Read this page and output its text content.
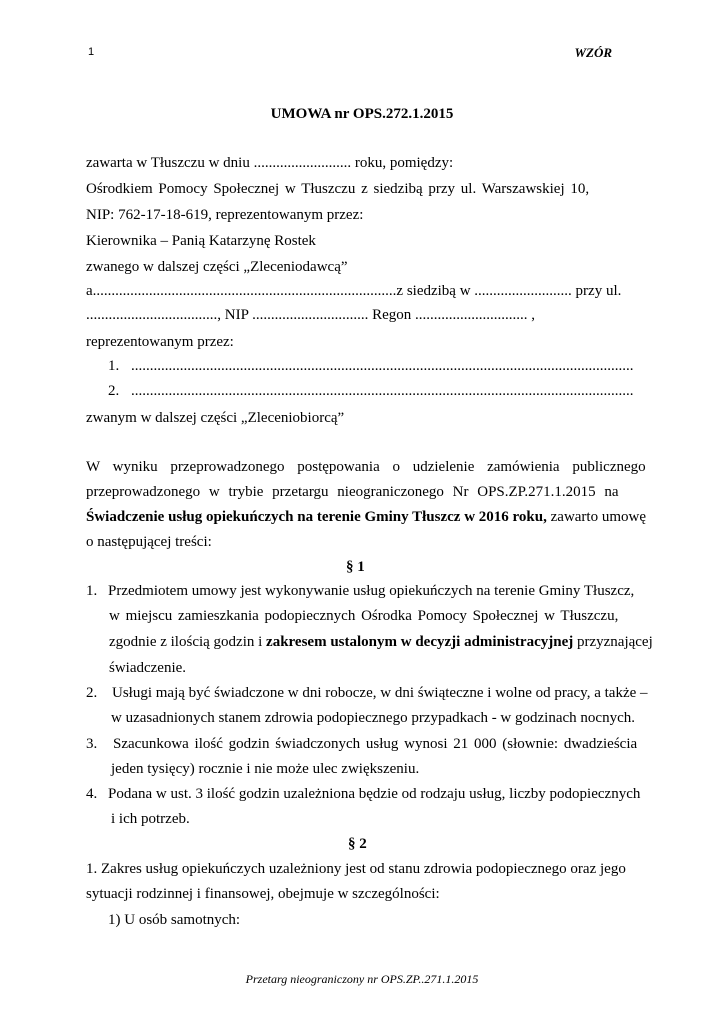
1	WZÓR
UMOWA nr OPS.272.1.2015
zawarta w Tłuszczu w dniu .......................... roku, pomiędzy:
Ośrodkiem Pomocy Społecznej w Tłuszczu z siedzibą przy ul. Warszawskiej 10,
NIP: 762-17-18-619, reprezentowanym przez:
Kierownika – Panią Katarzynę Rostek
zwanego w dalszej części „Zleceniodawcą”
a.................................................................................z siedzibą w .......................... przy ul.
..................................., NIP ............................... Regon .............................. ,
reprezentowanym przez:
1. ......................................................................................................................................
2. ......................................................................................................................................
zwanym w dalszej części „Zleceniobiorcą”
W wyniku przeprowadzonego postępowania o udzielenie zamówienia publicznego
przeprowadzonego w trybie przetargu nieograniczonego Nr OPS.ZP.271.1.2015 na
Świadczenie usług opiekuńczych na terenie Gminy Tłuszcz w 2016 roku, zawarto umowę
o następującej treści:
§ 1
1. Przedmiotem umowy jest wykonywanie usług opiekuńczych na terenie Gminy Tłuszcz,
w miejscu zamieszkania podopiecznych Ośrodka Pomocy Społecznej w Tłuszczu,
zgodnie z ilością godzin i zakresem ustalonym w decyzji administracyjnej przyznającej
świadczenie.
2. Usługi mają być świadczone w dni robocze, w dni świąteczne i wolne od pracy, a także –
w uzasadnionych stanem zdrowia podopiecznego przypadkach - w godzinach nocnych.
3. Szacunkowa ilość godzin świadczonych usług wynosi 21 000 (słownie: dwadzieścia
jeden tysięcy) rocznie i nie może ulec zwiększeniu.
4. Podana w ust. 3 ilość godzin uzależniona będzie od rodzaju usług, liczby podopiecznych
i ich potrzeb.
§ 2
1. Zakres usług opiekuńczych uzależniony jest od stanu zdrowia podopiecznego oraz jego
sytuacji rodzinnej i finansowej, obejmuje w szczególności:
1) U osób samotnych:
Przetarg nieograniczony nr OPS.ZP..271.1.2015
